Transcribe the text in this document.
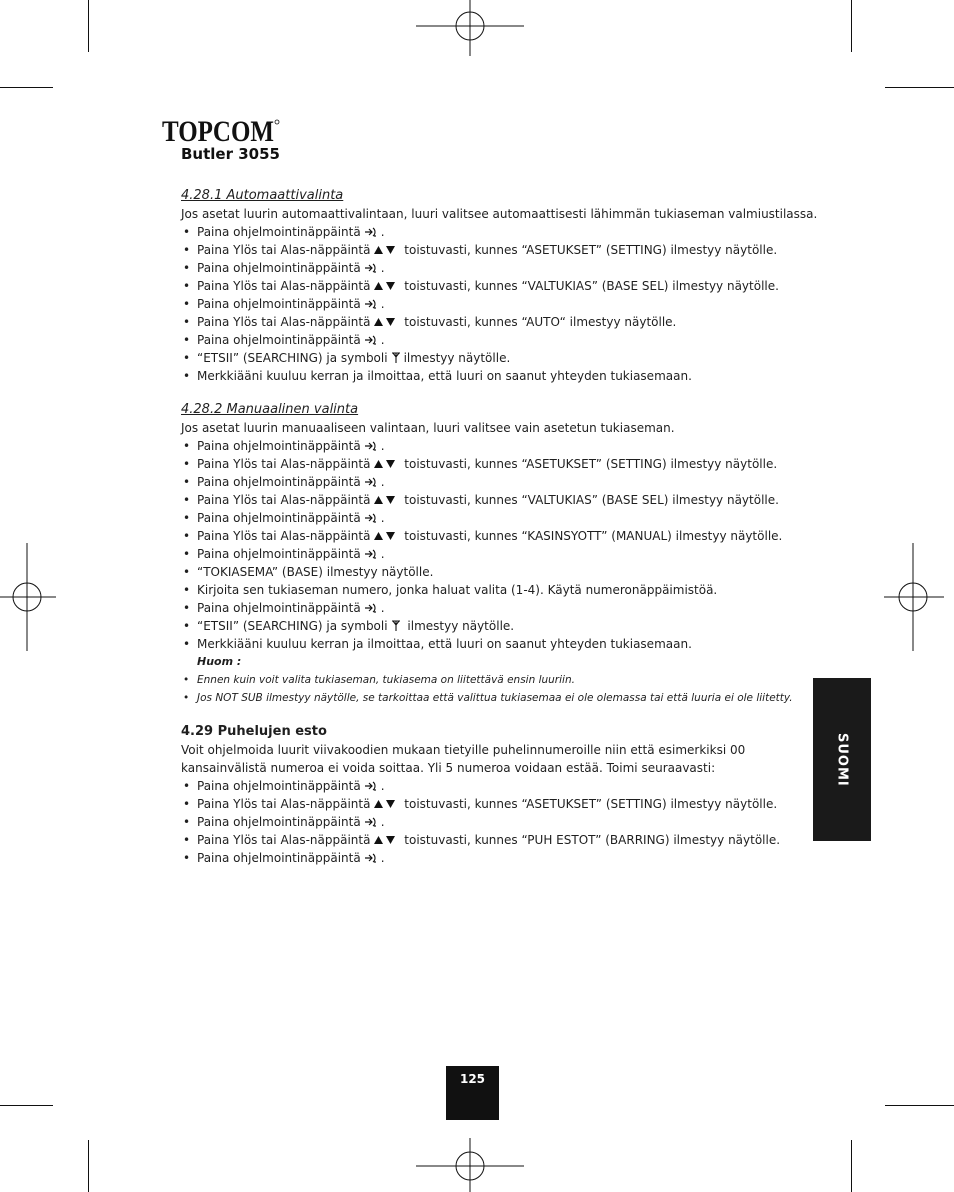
TOPCOM
Butler 3055

4.28.1 Automaattivalinta

Jos asetat luurin automaattivalintaan, luuri valitsee automaattisesti lähimmän tukiaseman valmiustilassa.

• Paina ohjelmointinäppäintä .
• Paina Ylös tai Alas-näppäintä	toistuvasti, kunnes “ASETUKSET” (SETTING) ilmestyy näytölle.
• Paina ohjelmointinäppäintä .
• Paina Ylös tai Alas-näppäintä	toistuvasti, kunnes “VALTUKIAS” (BASE SEL) ilmestyy näytölle.
• Paina ohjelmointinäppäintä .
• Paina Ylös tai Alas-näppäintä	toistuvasti, kunnes “AUTO“ ilmestyy näytölle.
• Paina ohjelmointinäppäintä .
• “ETSII” (SEARCHING) ja symboli ilmestyy näytölle.
• Merkkiääni kuuluu kerran ja ilmoittaa, että luuri on saanut yhteyden tukiasemaan.

4.28.2 Manuaalinen valinta

Jos asetat luurin manuaaliseen valintaan, luuri valitsee vain asetetun tukiaseman.

• Paina ohjelmointinäppäintä .
• Paina Ylös tai Alas-näppäintä	toistuvasti, kunnes “ASETUKSET” (SETTING) ilmestyy näytölle.
• Paina ohjelmointinäppäintä .
• Paina Ylös tai Alas-näppäintä	toistuvasti, kunnes “VALTUKIAS” (BASE SEL) ilmestyy näytölle.
• Paina ohjelmointinäppäintä .
• Paina Ylös tai Alas-näppäintä	toistuvasti, kunnes “KASINSYOTT” (MANUAL) ilmestyy näytölle.
• Paina ohjelmointinäppäintä .
• “TOKIASEMA” (BASE) ilmestyy näytölle.
• Kirjoita sen tukiaseman numero, jonka haluat valita (1-4). Käytä numeronäppäimistöä.
• Paina ohjelmointinäppäintä .
• “ETSII” (SEARCHING) ja symboli ilmestyy näytölle.
• Merkkiääni kuuluu kerran ja ilmoittaa, että luuri on saanut yhteyden tukiasemaan.
Huom :
• Ennen kuin voit valita tukiaseman, tukiasema on liitettävä ensin luuriin.
• Jos NOT SUB ilmestyy näytölle, se tarkoittaa että valittua tukiasemaa ei ole olemassa tai että luuria ei ole liitetty.

4.29 Puhelujen esto

Voit ohjelmoida luurit viivakoodien mukaan tietyille puhelinnumeroille niin että esimerkiksi 00 kansainvälistä numeroa ei voida soittaa. Yli 5 numeroa voidaan estää. Toimi seuraavasti:

• Paina ohjelmointinäppäintä .
• Paina Ylös tai Alas-näppäintä	toistuvasti, kunnes “ASETUKSET” (SETTING) ilmestyy näytölle.
• Paina ohjelmointinäppäintä .
• Paina Ylös tai Alas-näppäintä	toistuvasti, kunnes “PUH ESTOT” (BARRING) ilmestyy näytölle.
• Paina ohjelmointinäppäintä .
SUOMI
125
